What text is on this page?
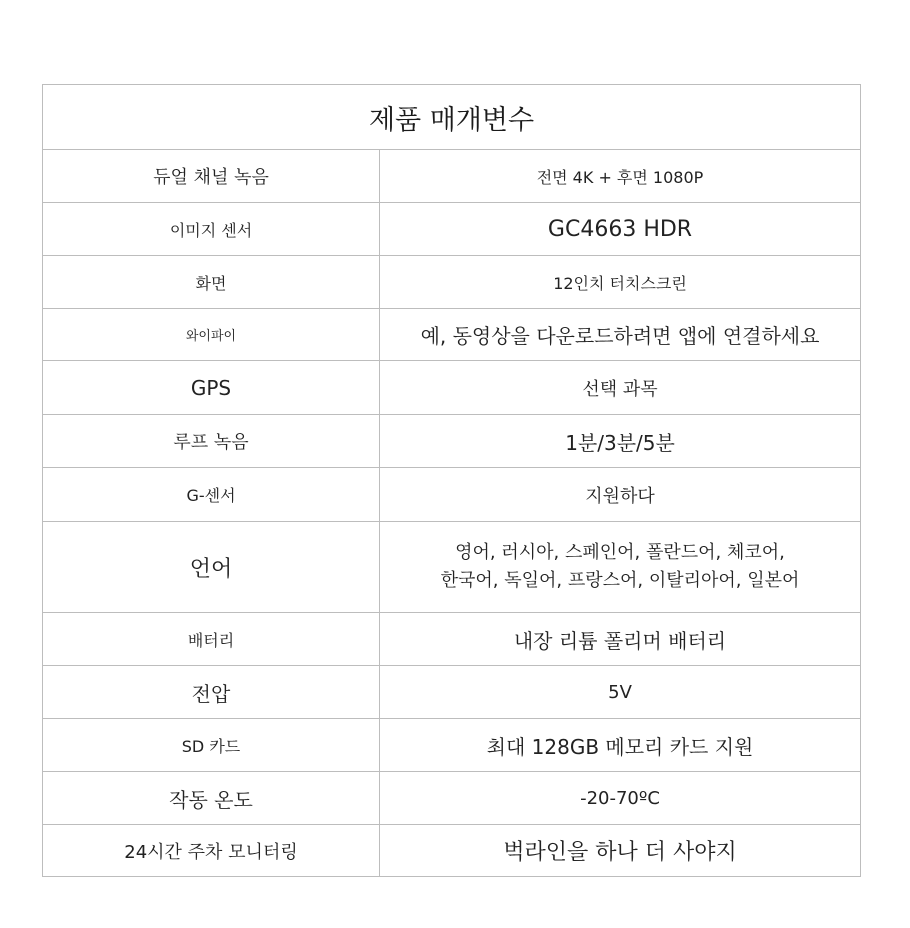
제품 매개변수	
듀얼 채널 녹음	전면 4K + 후면 1080P
이미지 센서	GC4663 HDR
화면	12인치 터치스크린
와이파이	예, 동영상을 다운로드하려면 앱에 연결하세요
GPS	선택 과목
루프 녹음	1분/3분/5분
G-센서	지원하다
언어	영어, 러시아, 스페인어, 폴란드어, 체코어,
한국어, 독일어, 프랑스어, 이탈리아어, 일본어

배터리	내장 리튬 폴리머 배터리
전압	5V
SD 카드	최대 128GB 메모리 카드 지원
작동 온도	-20-70ºC
24시간 주차 모니터링	벅라인을 하나 더 사야지
